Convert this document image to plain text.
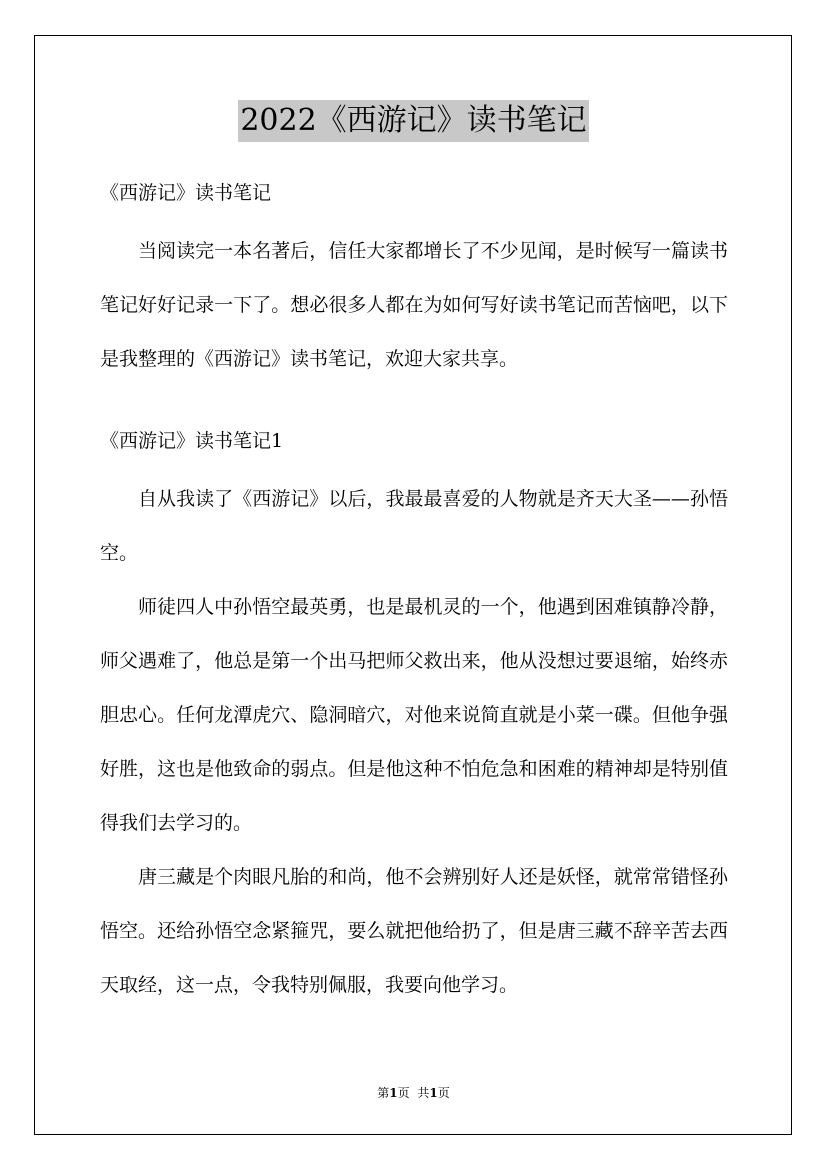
2022《西游记》读书笔记

《西游记》读书笔记

当阅读完一本名著后，信任大家都增长了不少见闻，是时候写一篇读书笔记好好记录一下了。想必很多人都在为如何写好读书笔记而苦恼吧，以下是我整理的《西游记》读书笔记，欢迎大家共享。

《西游记》读书笔记1

自从我读了《西游记》以后，我最最喜爱的人物就是齐天大圣——孙悟空。

师徒四人中孙悟空最英勇，也是最机灵的一个，他遇到困难镇静冷静，师父遇难了，他总是第一个出马把师父救出来，他从没想过要退缩，始终赤胆忠心。任何龙潭虎穴、隐洞暗穴，对他来说简直就是小菜一碟。但他争强好胜，这也是他致命的弱点。但是他这种不怕危急和困难的精神却是特别值得我们去学习的。

唐三藏是个肉眼凡胎的和尚，他不会辨别好人还是妖怪，就常常错怪孙悟空。还给孙悟空念紧箍咒，要么就把他给扔了，但是唐三藏不辞辛苦去西天取经，这一点，令我特别佩服，我要向他学习。

第1页 共1页
